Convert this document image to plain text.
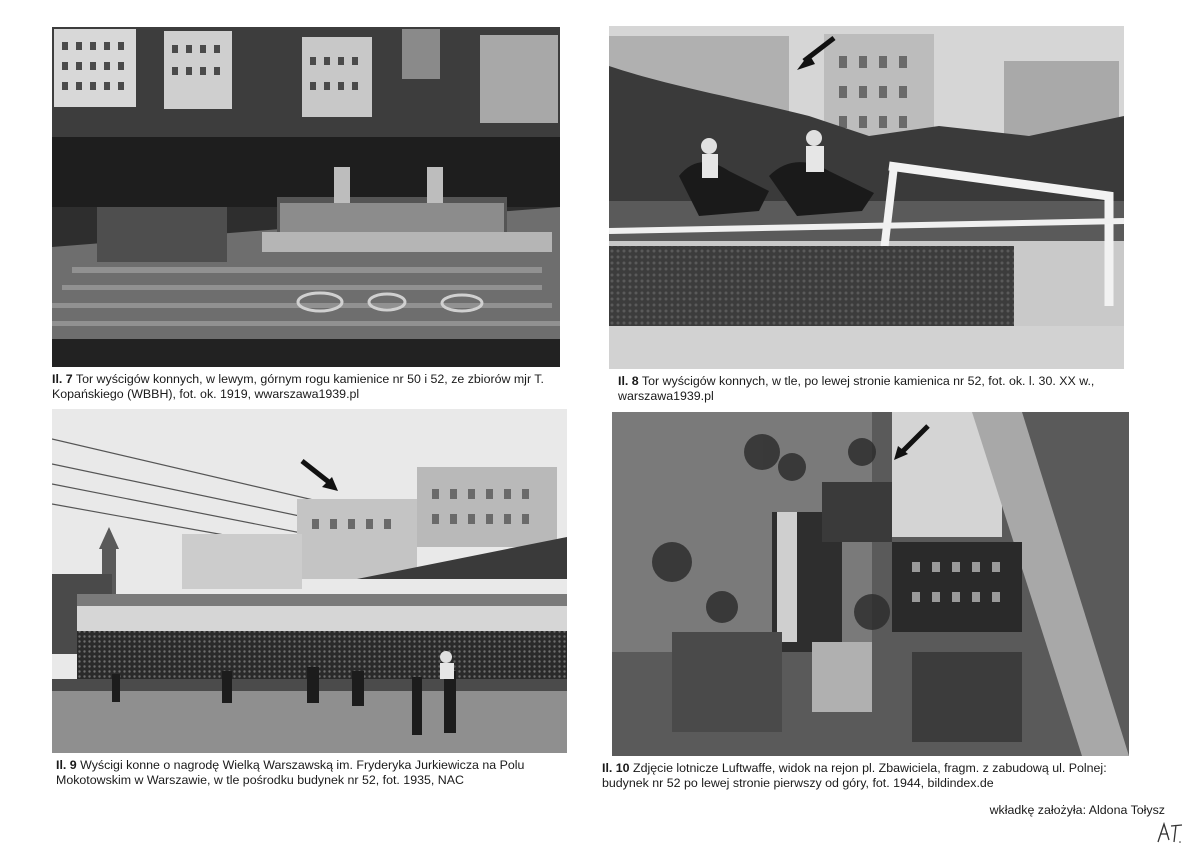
Il. 7 Tor wyścigów konnych, w lewym, górnym rogu kamienice nr 50 i 52, ze zbiorów mjr T. Kopańskiego (WBBH), fot. ok. 1919, wwarszawa1939.pl
Il. 8 Tor wyścigów konnych, w tle, po lewej stronie kamienica nr 52, fot. ok. l. 30. XX w., warszawa1939.pl
Il. 9 Wyścigi konne o nagrodę Wielką Warszawską im. Fryderyka Jurkiewicza na Polu Mokotowskim w Warszawie, w tle pośrodku budynek nr 52, fot. 1935, NAC
Il. 10 Zdjęcie lotnicze Luftwaffe, widok na rejon pl. Zbawiciela, fragm. z zabudową ul. Polnej: budynek nr 52 po lewej stronie pierwszy od góry, fot. 1944, bildindex.de
wkładkę założyła: Aldona Tołysz
